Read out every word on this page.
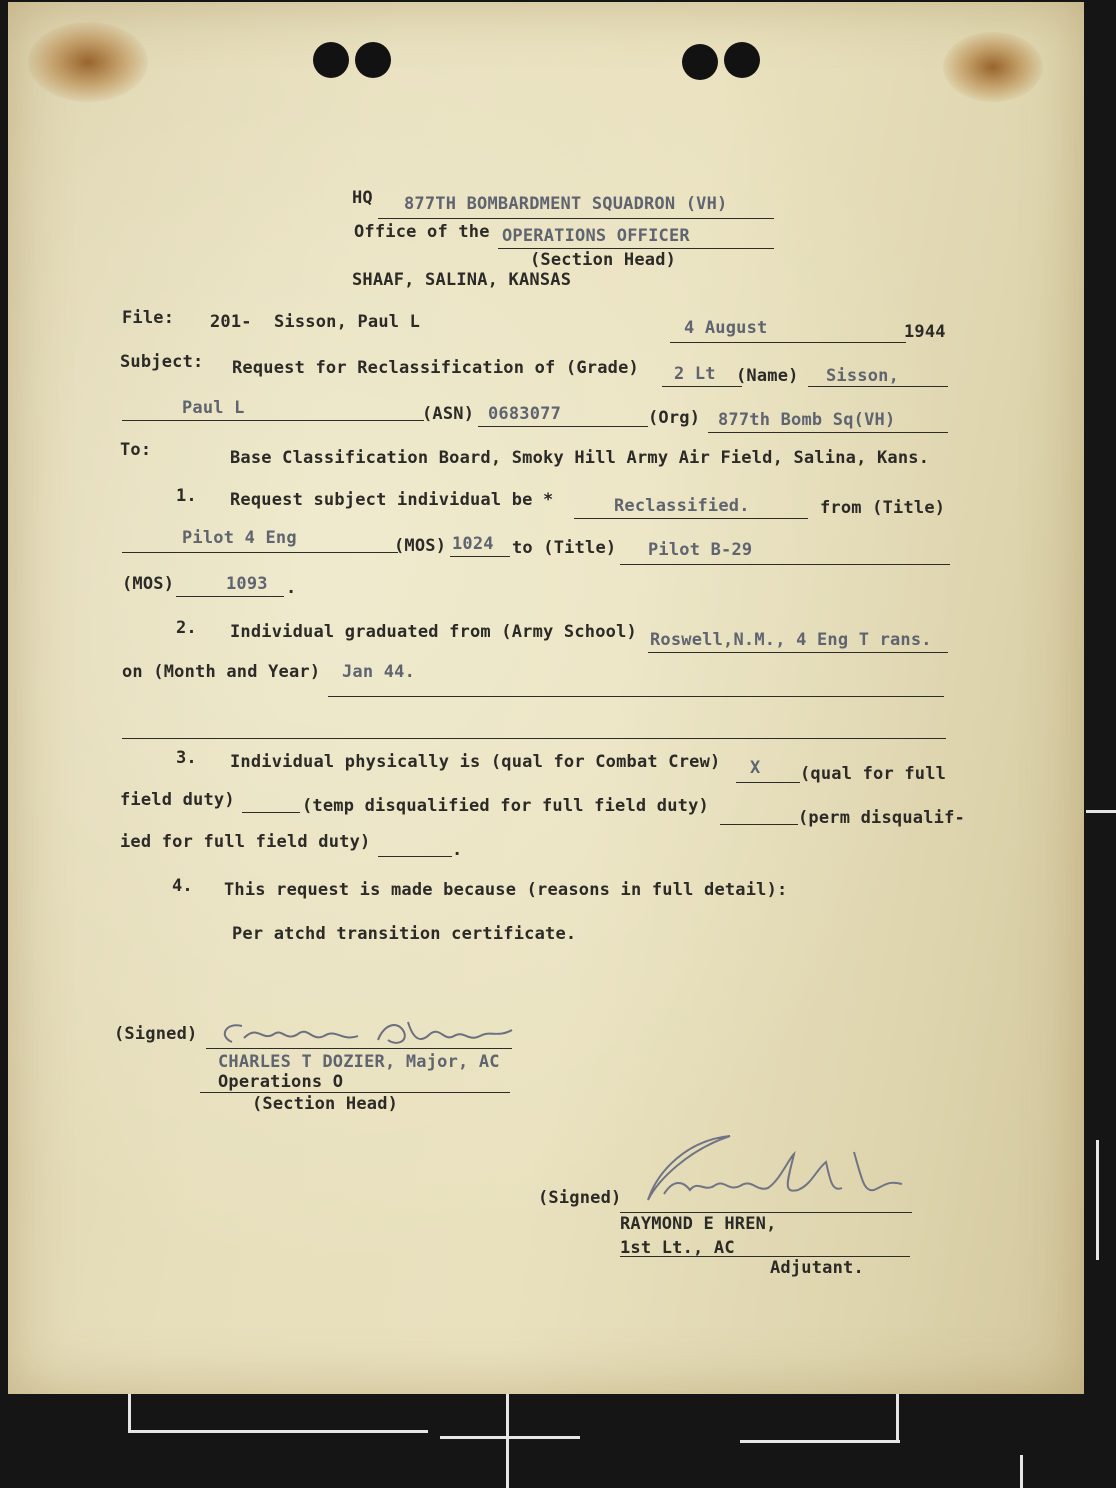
HQ 877TH BOMBARDMENT SQUADRON (VH)
Office of the OPERATIONS OFFICER
(Section Head)
SHAAF, SALINA, KANSAS
File: 201- Sisson, Paul L	4 August	1944
Subject: Request for Reclassification of (Grade) 2 Lt (Name) Sisson,
Paul L	(ASN) 0683077	(Org) 877th Bomb Sq(VH)
To:	Base Classification Board, Smoky Hill Army Air Field, Salina, Kans.
1. Request subject individual be *	Reclassified.	from (Title)
Pilot 4 Eng	(MOS) 1024 to (Title) Pilot B-29
(MOS)	1093 .
2. Individual graduated from (Army School) Roswell,N.M., 4 Eng T rans.
on (Month and Year) Jan 44.
3. Individual physically is (qual for Combat Crew) X (qual for full
field duty)	(temp disqualified for full field duty)
(perm disqualif-
ied for full field duty)	.
4. This request is made because (reasons in full detail):
Per atchd transition certificate.
(Signed)
CHARLES T DOZIER, Major, AC
Operations O
(Section Head)
(Signed)
RAYMOND E HREN,
1st Lt., AC
Adjutant.
